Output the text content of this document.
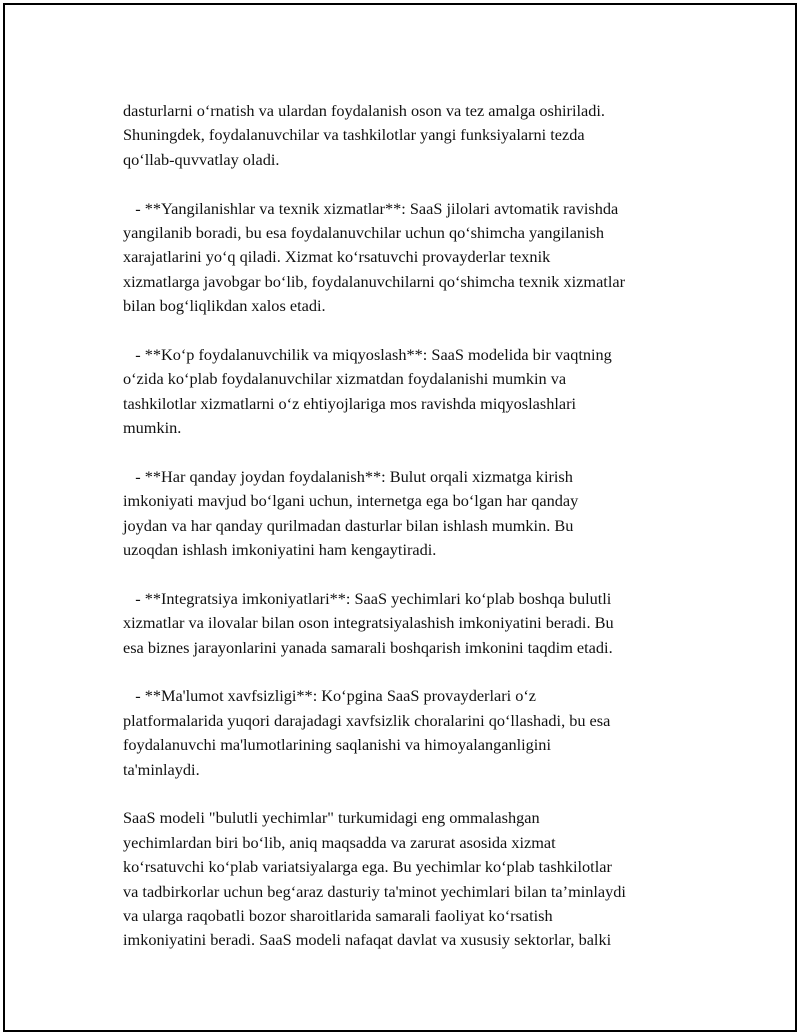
dasturlarni o‘rnatish va ulardan foydalanish oson va tez amalga oshiriladi.
Shuningdek, foydalanuvchilar va tashkilotlar yangi funksiyalarni tezda
qo‘llab-quvvatlay oladi.
- **Yangilanishlar va texnik xizmatlar**: SaaS jilolari avtomatik ravishda
yangilanib boradi, bu esa foydalanuvchilar uchun qo‘shimcha yangilanish
xarajatlarini yo‘q qiladi. Xizmat ko‘rsatuvchi provayderlar texnik
xizmatlarga javobgar bo‘lib, foydalanuvchilarni qo‘shimcha texnik xizmatlar
bilan bog‘liqlikdan xalos etadi.
- **Ko‘p foydalanuvchilik va miqyoslash**: SaaS modelida bir vaqtning
o‘zida ko‘plab foydalanuvchilar xizmatdan foydalanishi mumkin va
tashkilotlar xizmatlarni o‘z ehtiyojlariga mos ravishda miqyoslashlari
mumkin.
- **Har qanday joydan foydalanish**: Bulut orqali xizmatga kirish
imkoniyati mavjud bo‘lgani uchun, internetga ega bo‘lgan har qanday
joydan va har qanday qurilmadan dasturlar bilan ishlash mumkin. Bu
uzoqdan ishlash imkoniyatini ham kengaytiradi.
- **Integratsiya imkoniyatlari**: SaaS yechimlari ko‘plab boshqa bulutli
xizmatlar va ilovalar bilan oson integratsiyalashish imkoniyatini beradi. Bu
esa biznes jarayonlarini yanada samarali boshqarish imkonini taqdim etadi.
- **Ma'lumot xavfsizligi**: Ko‘pgina SaaS provayderlari o‘z
platformalarida yuqori darajadagi xavfsizlik choralarini qo‘llashadi, bu esa
foydalanuvchi ma'lumotlarining saqlanishi va himoyalanganligini
ta'minlaydi.
SaaS modeli "bulutli yechimlar" turkumidagi eng ommalashgan
yechimlardan biri bo‘lib, aniq maqsadda va zarurat asosida xizmat
ko‘rsatuvchi ko‘plab variatsiyalarga ega. Bu yechimlar ko‘plab tashkilotlar
va tadbirkorlar uchun beg‘araz dasturiy ta'minot yechimlari bilan ta’minlaydi
va ularga raqobatli bozor sharoitlarida samarali faoliyat ko‘rsatish
imkoniyatini beradi. SaaS modeli nafaqat davlat va xususiy sektorlar, balki
